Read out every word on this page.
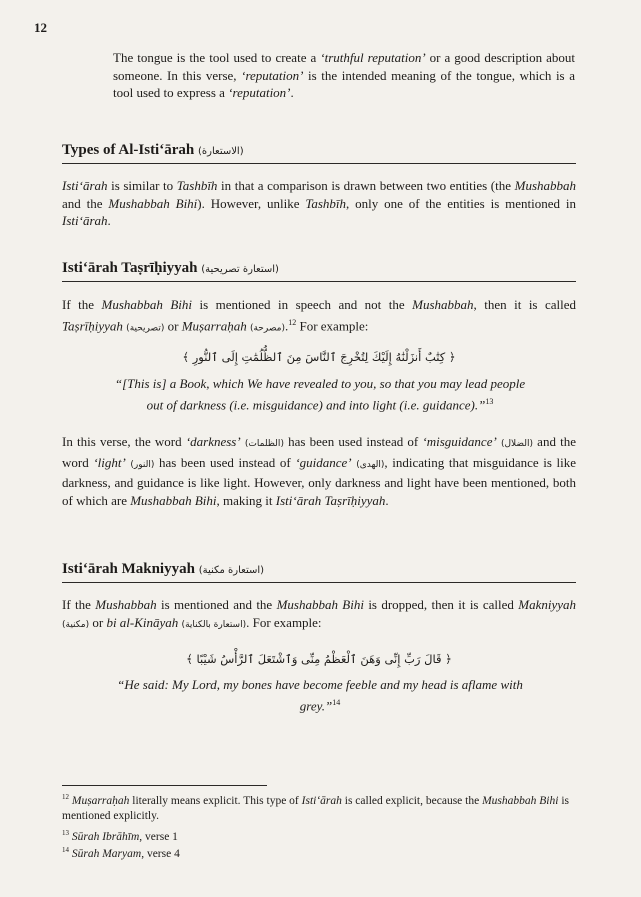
12
The tongue is the tool used to create a ‘truthful reputation’ or a good description about someone. In this verse, ‘reputation’ is the intended meaning of the tongue, which is a tool used to express a ‘reputation’.
Types of Al-Isti‘ārah (الاستعارة)
Isti‘ārah is similar to Tashbīh in that a comparison is drawn between two entities (the Mushabbah and the Mushabbah Bihi). However, unlike Tashbīh, only one of the entities is mentioned in Isti‘ārah.
Isti‘ārah Taṣrīḥiyyah (استعارة تصريحية)
If the Mushabbah Bihi is mentioned in speech and not the Mushabbah, then it is called Taṣrīḥiyyah (تصريحية) or Muṣarraḥah (مصرحة).$^{12}$ For example:
﴿ كِتَٰبٌ أَنزَلْنَٰهُ إِلَيْكَ لِتُخْرِجَ ٱلنَّاسَ مِنَ ٱلظُّلُمَٰتِ إِلَى ٱلنُّورِ ﴾
“[This is] a Book, which We have revealed to you, so that you may lead people out of darkness (i.e. misguidance) and into light (i.e. guidance).”$^{13}$
In this verse, the word ‘darkness’ (الظلمات) has been used instead of ‘misguidance’ (الضلال) and the word ‘light’ (النور) has been used instead of ‘guidance’ (الهدى), indicating that misguidance is like darkness, and guidance is like light. However, only darkness and light have been mentioned, both of which are Mushabbah Bihi, making it Isti‘ārah Taṣrīḥiyyah.
Isti‘ārah Makniyyah (استعارة مكنية)
If the Mushabbah is mentioned and the Mushabbah Bihi is dropped, then it is called Makniyyah (مكنية) or bi al-Kināyah (استعارة بالكناية). For example:
﴿ قَالَ رَبِّ إِنِّى وَهَنَ ٱلْعَظْمُ مِنِّى وَٱشْتَعَلَ ٱلرَّأْسُ شَيْبًا ﴾
“He said: My Lord, my bones have become feeble and my head is aflame with grey.”$^{14}$
$^{12}$ Muṣarraḥah literally means explicit. This type of Isti‘ārah is called explicit, because the Mushabbah Bihi is mentioned explicitly.
$^{13}$ Sūrah Ibrāhīm, verse 1
$^{14}$ Sūrah Maryam, verse 4
